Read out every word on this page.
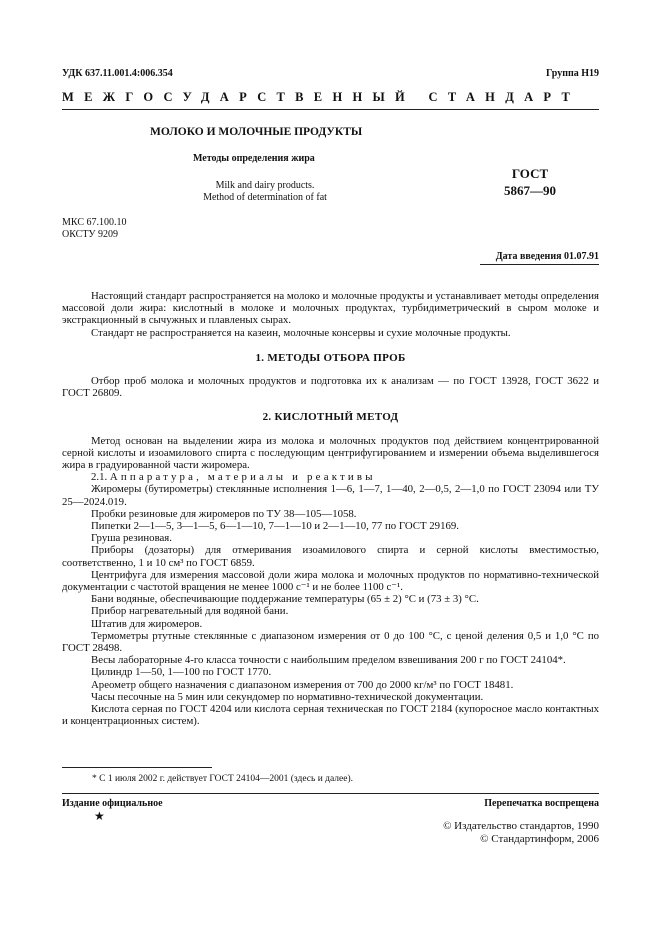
УДК 637.11.001.4:006.354	Группа Н19
МЕЖГОСУДАРСТВЕННЫЙ СТАНДАРТ
МОЛОКО И МОЛОЧНЫЕ ПРОДУКТЫ
Методы определения жира
Milk and dairy products.
Method of determination of fat
ГОСТ
5867—90
МКС 67.100.10
ОКСТУ 9209
Дата введения 01.07.91

Настоящий стандарт распространяется на молоко и молочные продукты и устанавливает методы определения массовой доли жира: кислотный в молоке и молочных продуктах, турбидиметрический в сыром молоке и экстракционный в сычужных и плавленых сырах.

Стандарт не распространяется на казеин, молочные консервы и сухие молочные продукты.

1. МЕТОДЫ ОТБОРА ПРОБ

Отбор проб молока и молочных продуктов и подготовка их к анализам — по ГОСТ 13928, ГОСТ 3622 и ГОСТ 26809.

2. КИСЛОТНЫЙ МЕТОД

Метод основан на выделении жира из молока и молочных продуктов под действием концентрированной серной кислоты и изоамилового спирта с последующим центрифугированием и измерении объема выделившегося жира в градуированной части жиромера.

2.1. Аппаратура, материалы и реактивы

Жиромеры (бутирометры) стеклянные исполнения 1—6, 1—7, 1—40, 2—0,5, 2—1,0 по ГОСТ 23094 или ТУ 25—2024.019.

Пробки резиновые для жиромеров по ТУ 38—105—1058.

Пипетки 2—1—5, 3—1—5, 6—1—10, 7—1—10 и 2—1—10, 77 по ГОСТ 29169.

Груша резиновая.

Приборы (дозаторы) для отмеривания изоамилового спирта и серной кислоты вместимостью, соответственно, 1 и 10 см³ по ГОСТ 6859.

Центрифуга для измерения массовой доли жира молока и молочных продуктов по нормативно-технической документации с частотой вращения не менее 1000 с⁻¹ и не более 1100 с⁻¹.

Бани водяные, обеспечивающие поддержание температуры (65 ± 2) °С и (73 ± 3) °С.

Прибор нагревательный для водяной бани.

Штатив для жиромеров.

Термометры ртутные стеклянные с диапазоном измерения от 0 до 100 °С, с ценой деления 0,5 и 1,0 °С по ГОСТ 28498.

Весы лабораторные 4-го класса точности с наибольшим пределом взвешивания 200 г по ГОСТ 24104*.

Цилиндр 1—50, 1—100 по ГОСТ 1770.

Ареометр общего назначения с диапазоном измерения от 700 до 2000 кг/м³ по ГОСТ 18481.

Часы песочные на 5 мин или секундомер по нормативно-технической документации.

Кислота серная по ГОСТ 4204 или кислота серная техническая по ГОСТ 2184 (купоросное масло контактных и концентрационных систем).

* С 1 июля 2002 г. действует ГОСТ 24104—2001 (здесь и далее).
Издание официальное
★
Перепечатка воспрещена
© Издательство стандартов, 1990
© Стандартинформ, 2006
